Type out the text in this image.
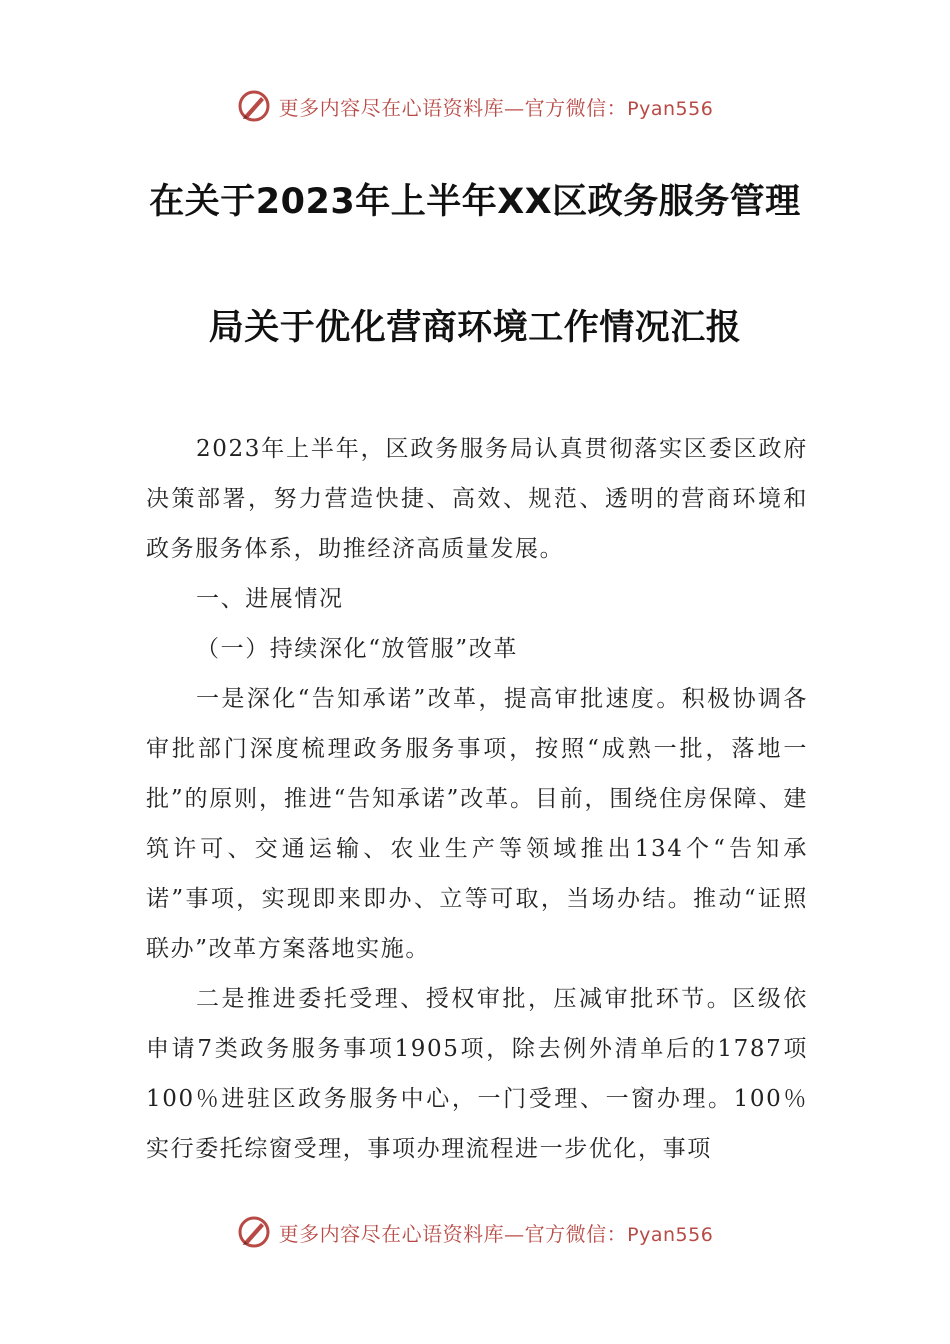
更多内容尽在心语资料库—官方微信：Pyan556
在关于2023年上半年XX区政务服务管理
局关于优化营商环境工作情况汇报
2023年上半年，区政务服务局认真贯彻落实区委区政府决策部署，努力营造快捷、高效、规范、透明的营商环境和政务服务体系，助推经济高质量发展。
一、进展情况
（一）持续深化“放管服”改革
一是深化“告知承诺”改革，提高审批速度。积极协调各审批部门深度梳理政务服务事项，按照“成熟一批，落地一批”的原则，推进“告知承诺”改革。目前，围绕住房保障、建筑许可、交通运输、农业生产等领域推出134个“告知承诺”事项，实现即来即办、立等可取，当场办结。推动“证照联办”改革方案落地实施。
二是推进委托受理、授权审批，压减审批环节。区级依申请7类政务服务事项1905项，除去例外清单后的1787项100％进驻区政务服务中心，一门受理、一窗办理。100％实行委托综窗受理，事项办理流程进一步优化，事项
更多内容尽在心语资料库—官方微信：Pyan556
